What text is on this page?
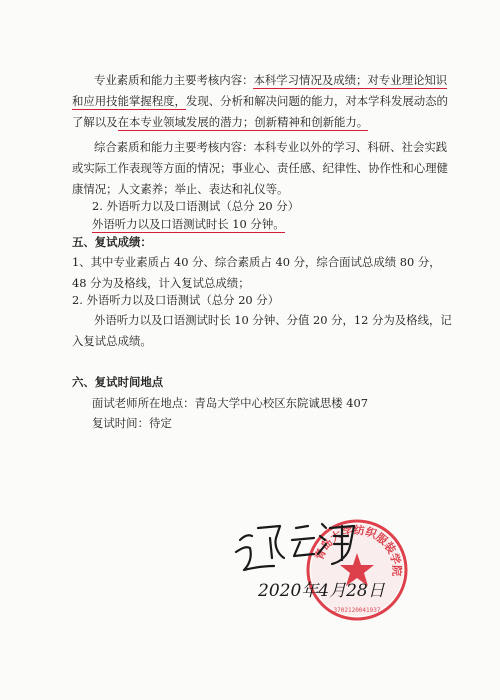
专业素质和能力主要考核内容：本科学习情况及成绩；对专业理论知识和应用技能掌握程度，发现、分析和解决问题的能力，对本学科发展动态的了解以及在本专业领域发展的潜力；创新精神和创新能力。

综合素质和能力主要考核内容：本科专业以外的学习、科研、社会实践或实际工作表现等方面的情况；事业心、责任感、纪律性、协作性和心理健康情况；人文素养；举止、表达和礼仪等。

2. 外语听力以及口语测试（总分 20 分）
外语听力以及口语测试时长 10 分钟。
五、复试成绩：

1、其中专业素质占 40 分、综合素质占 40 分，综合面试总成绩 80 分，48 分为及格线，计入复试总成绩；

2. 外语听力以及口语测试（总分 20 分）

外语听力以及口语测试时长 10 分钟、分值 20 分，12 分为及格线，记入复试总成绩。

六、复试时间地点
面试老师所在地点：青岛大学中心校区东院诚思楼 407
复试时间：待定
青岛大学纺织服装学院
3702120041937
2020年4月28日
